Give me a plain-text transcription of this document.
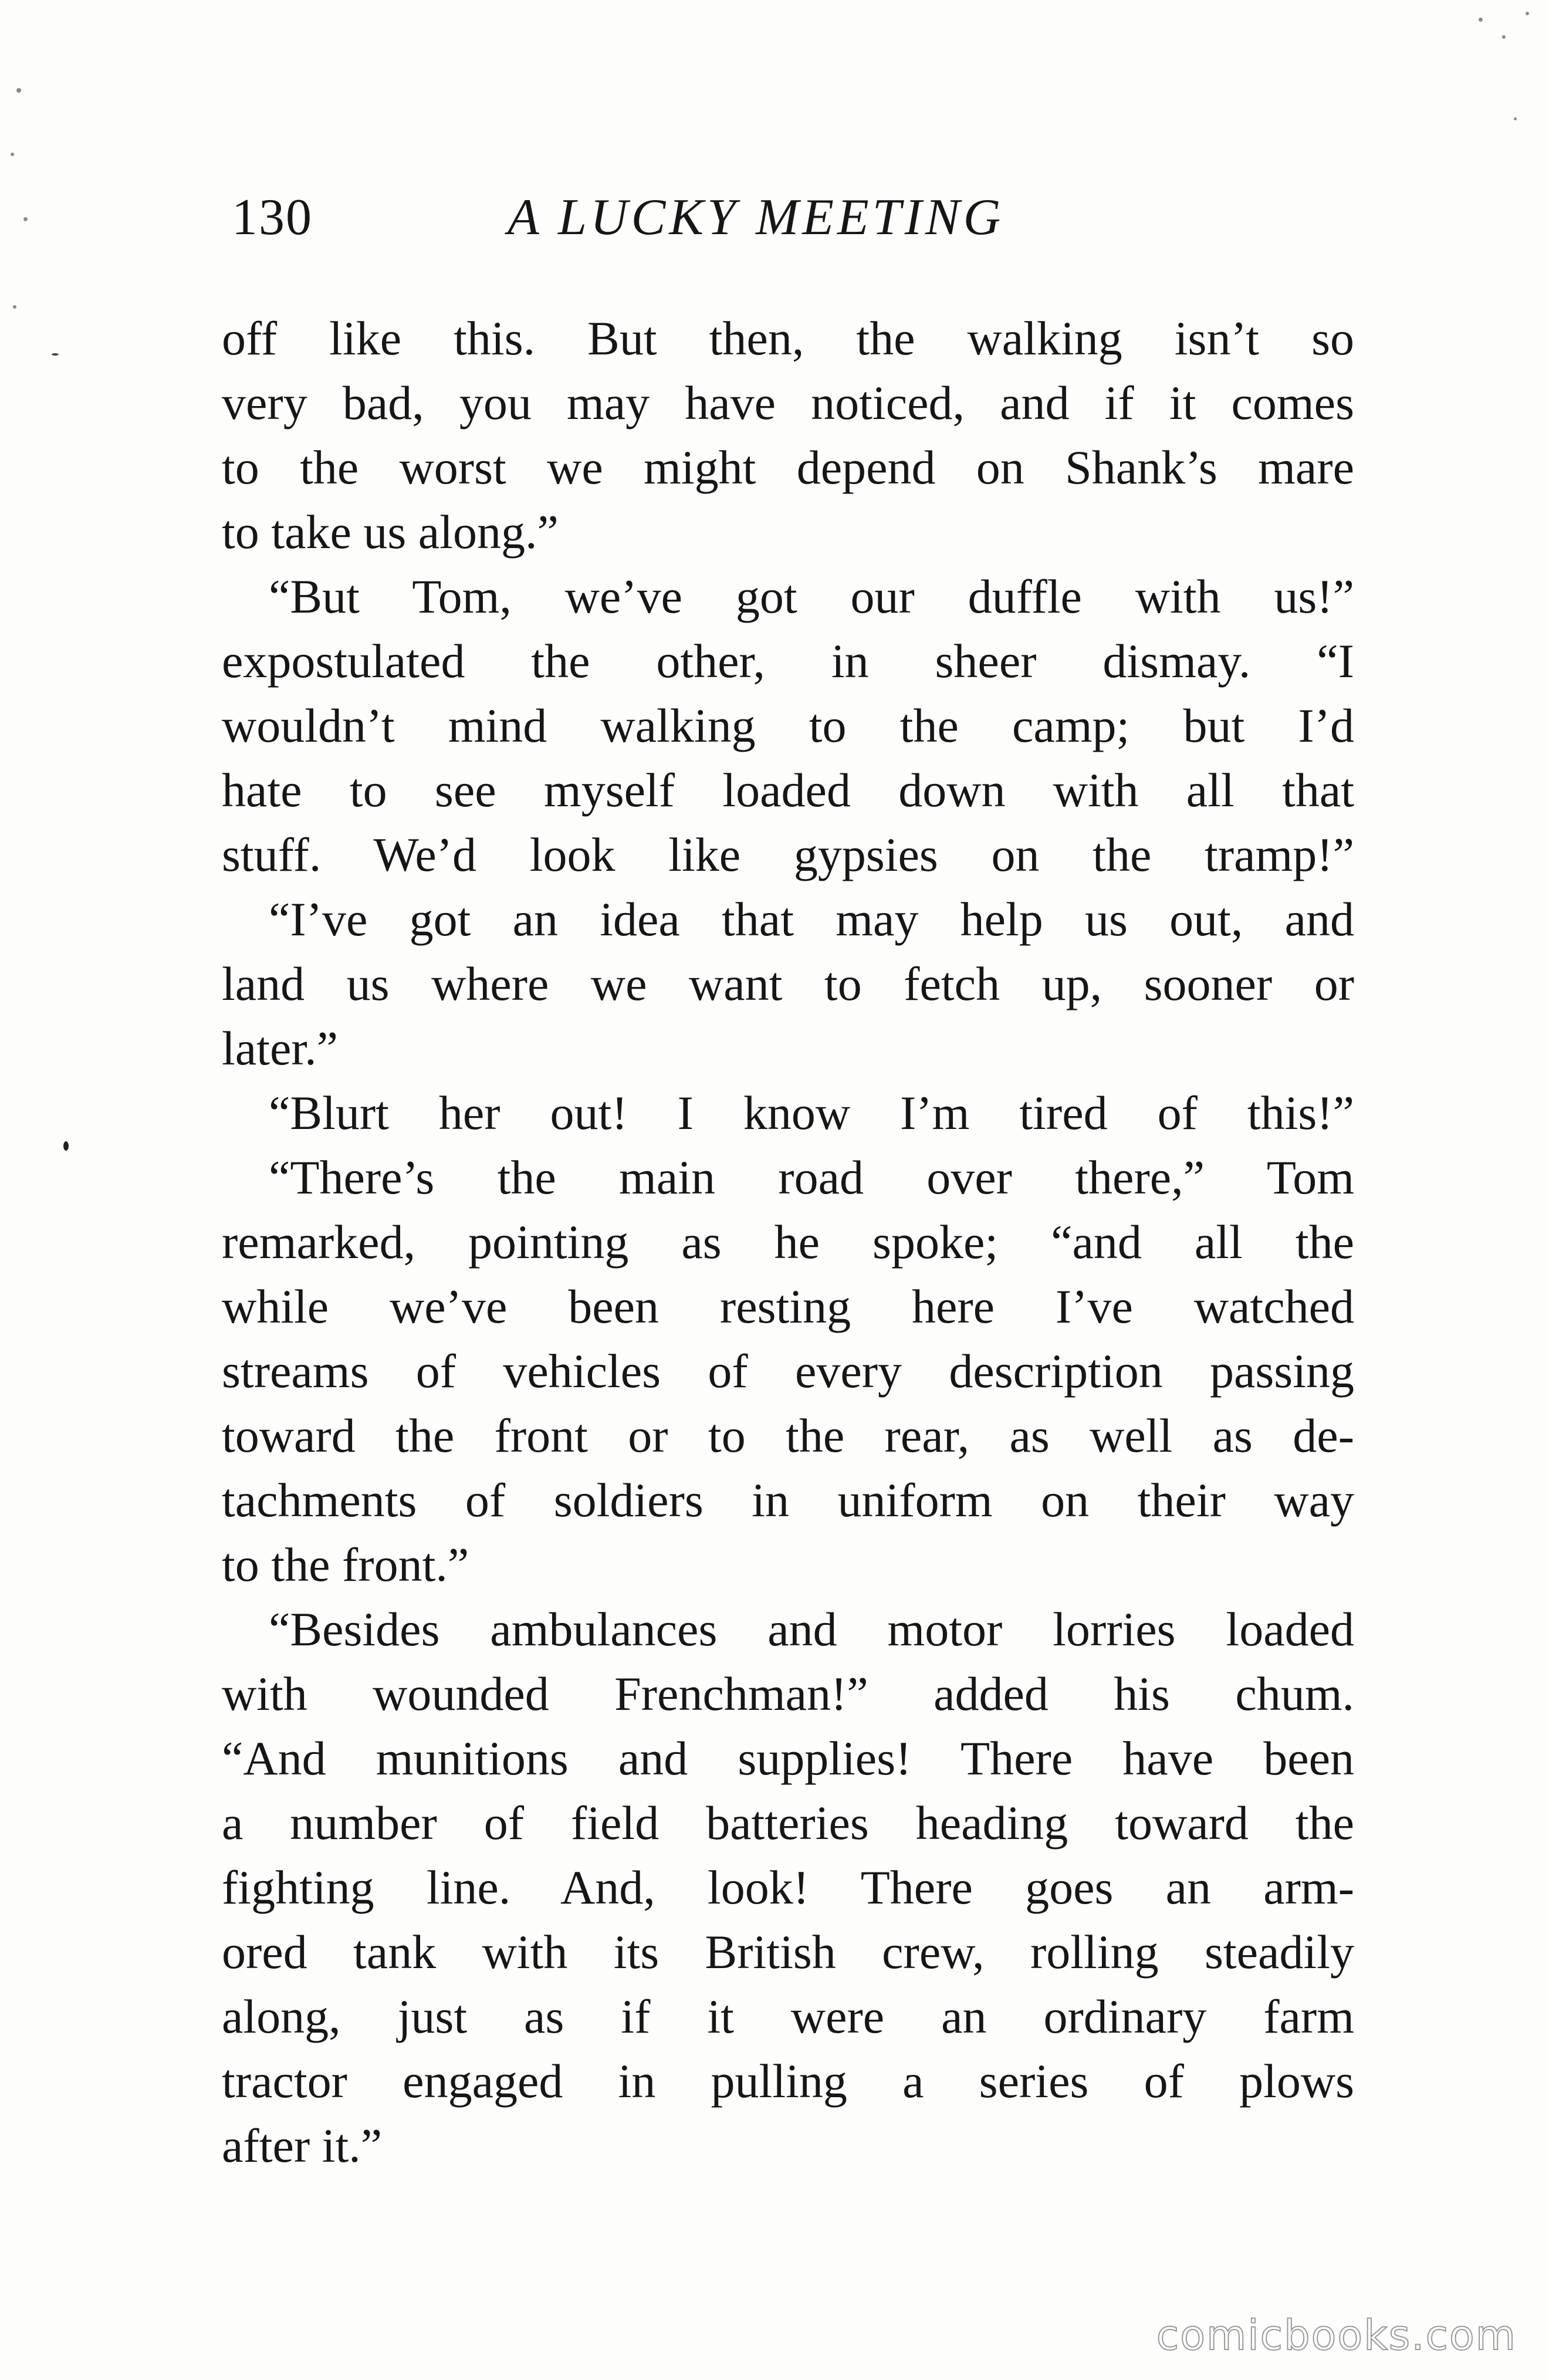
130	A LUCKY MEETING
off like this. But then, the walking isn’t so
very bad, you may have noticed, and if it comes
to the worst we might depend on Shank’s mare
to take us along.”
“But Tom, we’ve got our duffle with us!”
expostulated the other, in sheer dismay. “I
wouldn’t mind walking to the camp; but I’d
hate to see myself loaded down with all that
stuff. We’d look like gypsies on the tramp!”
“I’ve got an idea that may help us out, and
land us where we want to fetch up, sooner or
later.”
“Blurt her out! I know I’m tired of this!”
“There’s the main road over there,” Tom
remarked, pointing as he spoke; “and all the
while we’ve been resting here I’ve watched
streams of vehicles of every description passing
toward the front or to the rear, as well as de-
tachments of soldiers in uniform on their way
to the front.”
“Besides ambulances and motor lorries loaded
with wounded Frenchman!” added his chum.
“And munitions and supplies! There have been
a number of field batteries heading toward the
fighting line. And, look! There goes an arm-
ored tank with its British crew, rolling steadily
along, just as if it were an ordinary farm
tractor engaged in pulling a series of plows
after it.”
comicbooks.com
